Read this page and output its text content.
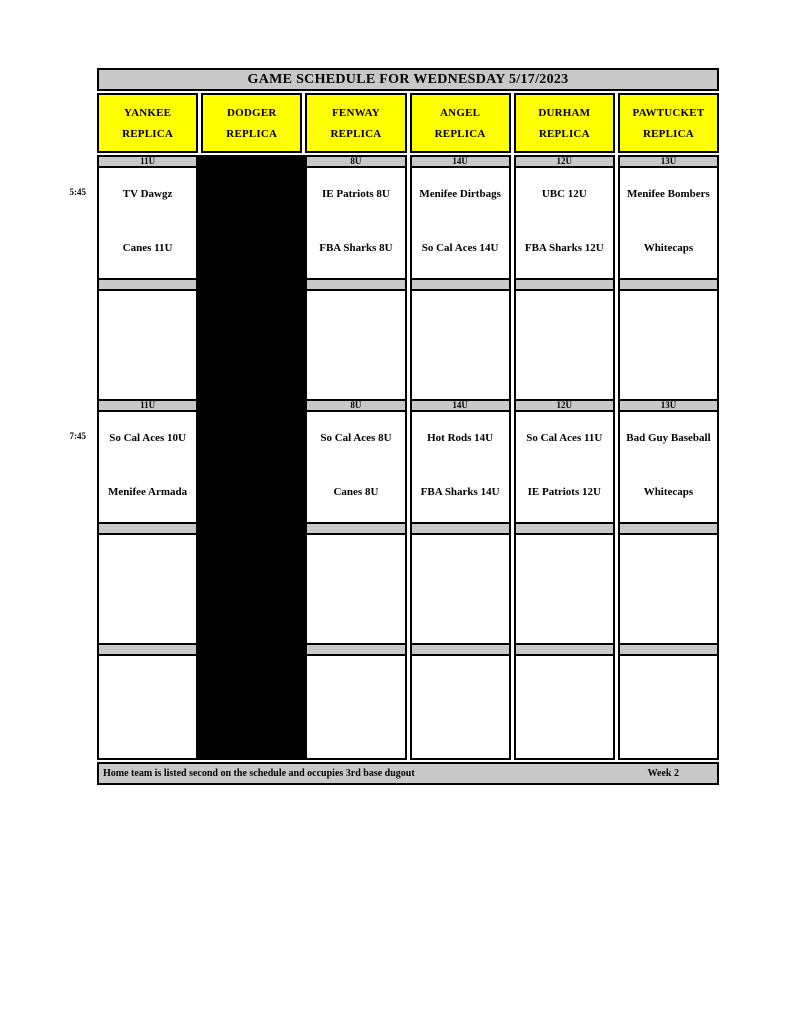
5:45
7:45
GAME SCHEDULE FOR WEDNESDAY 5/17/2023
YANKEE
REPLICA
11U
TV Dawgz
Canes 11U
11U
So Cal Aces 10U
Menifee Armada
DODGER
REPLICA
FENWAY
REPLICA
8U
IE Patriots 8U
FBA Sharks 8U
8U
So Cal Aces 8U
Canes 8U
ANGEL
REPLICA
14U
Menifee Dirtbags
So Cal Aces 14U
14U
Hot Rods 14U
FBA Sharks 14U
DURHAM
REPLICA
12U
UBC 12U
FBA Sharks 12U
12U
So Cal Aces 11U
IE Patriots 12U
PAWTUCKET
REPLICA
13U
Menifee Bombers
Whitecaps
13U
Bad Guy Baseball
Whitecaps
Home team is listed second on the schedule and occupies 3rd base dugout	Week 2
